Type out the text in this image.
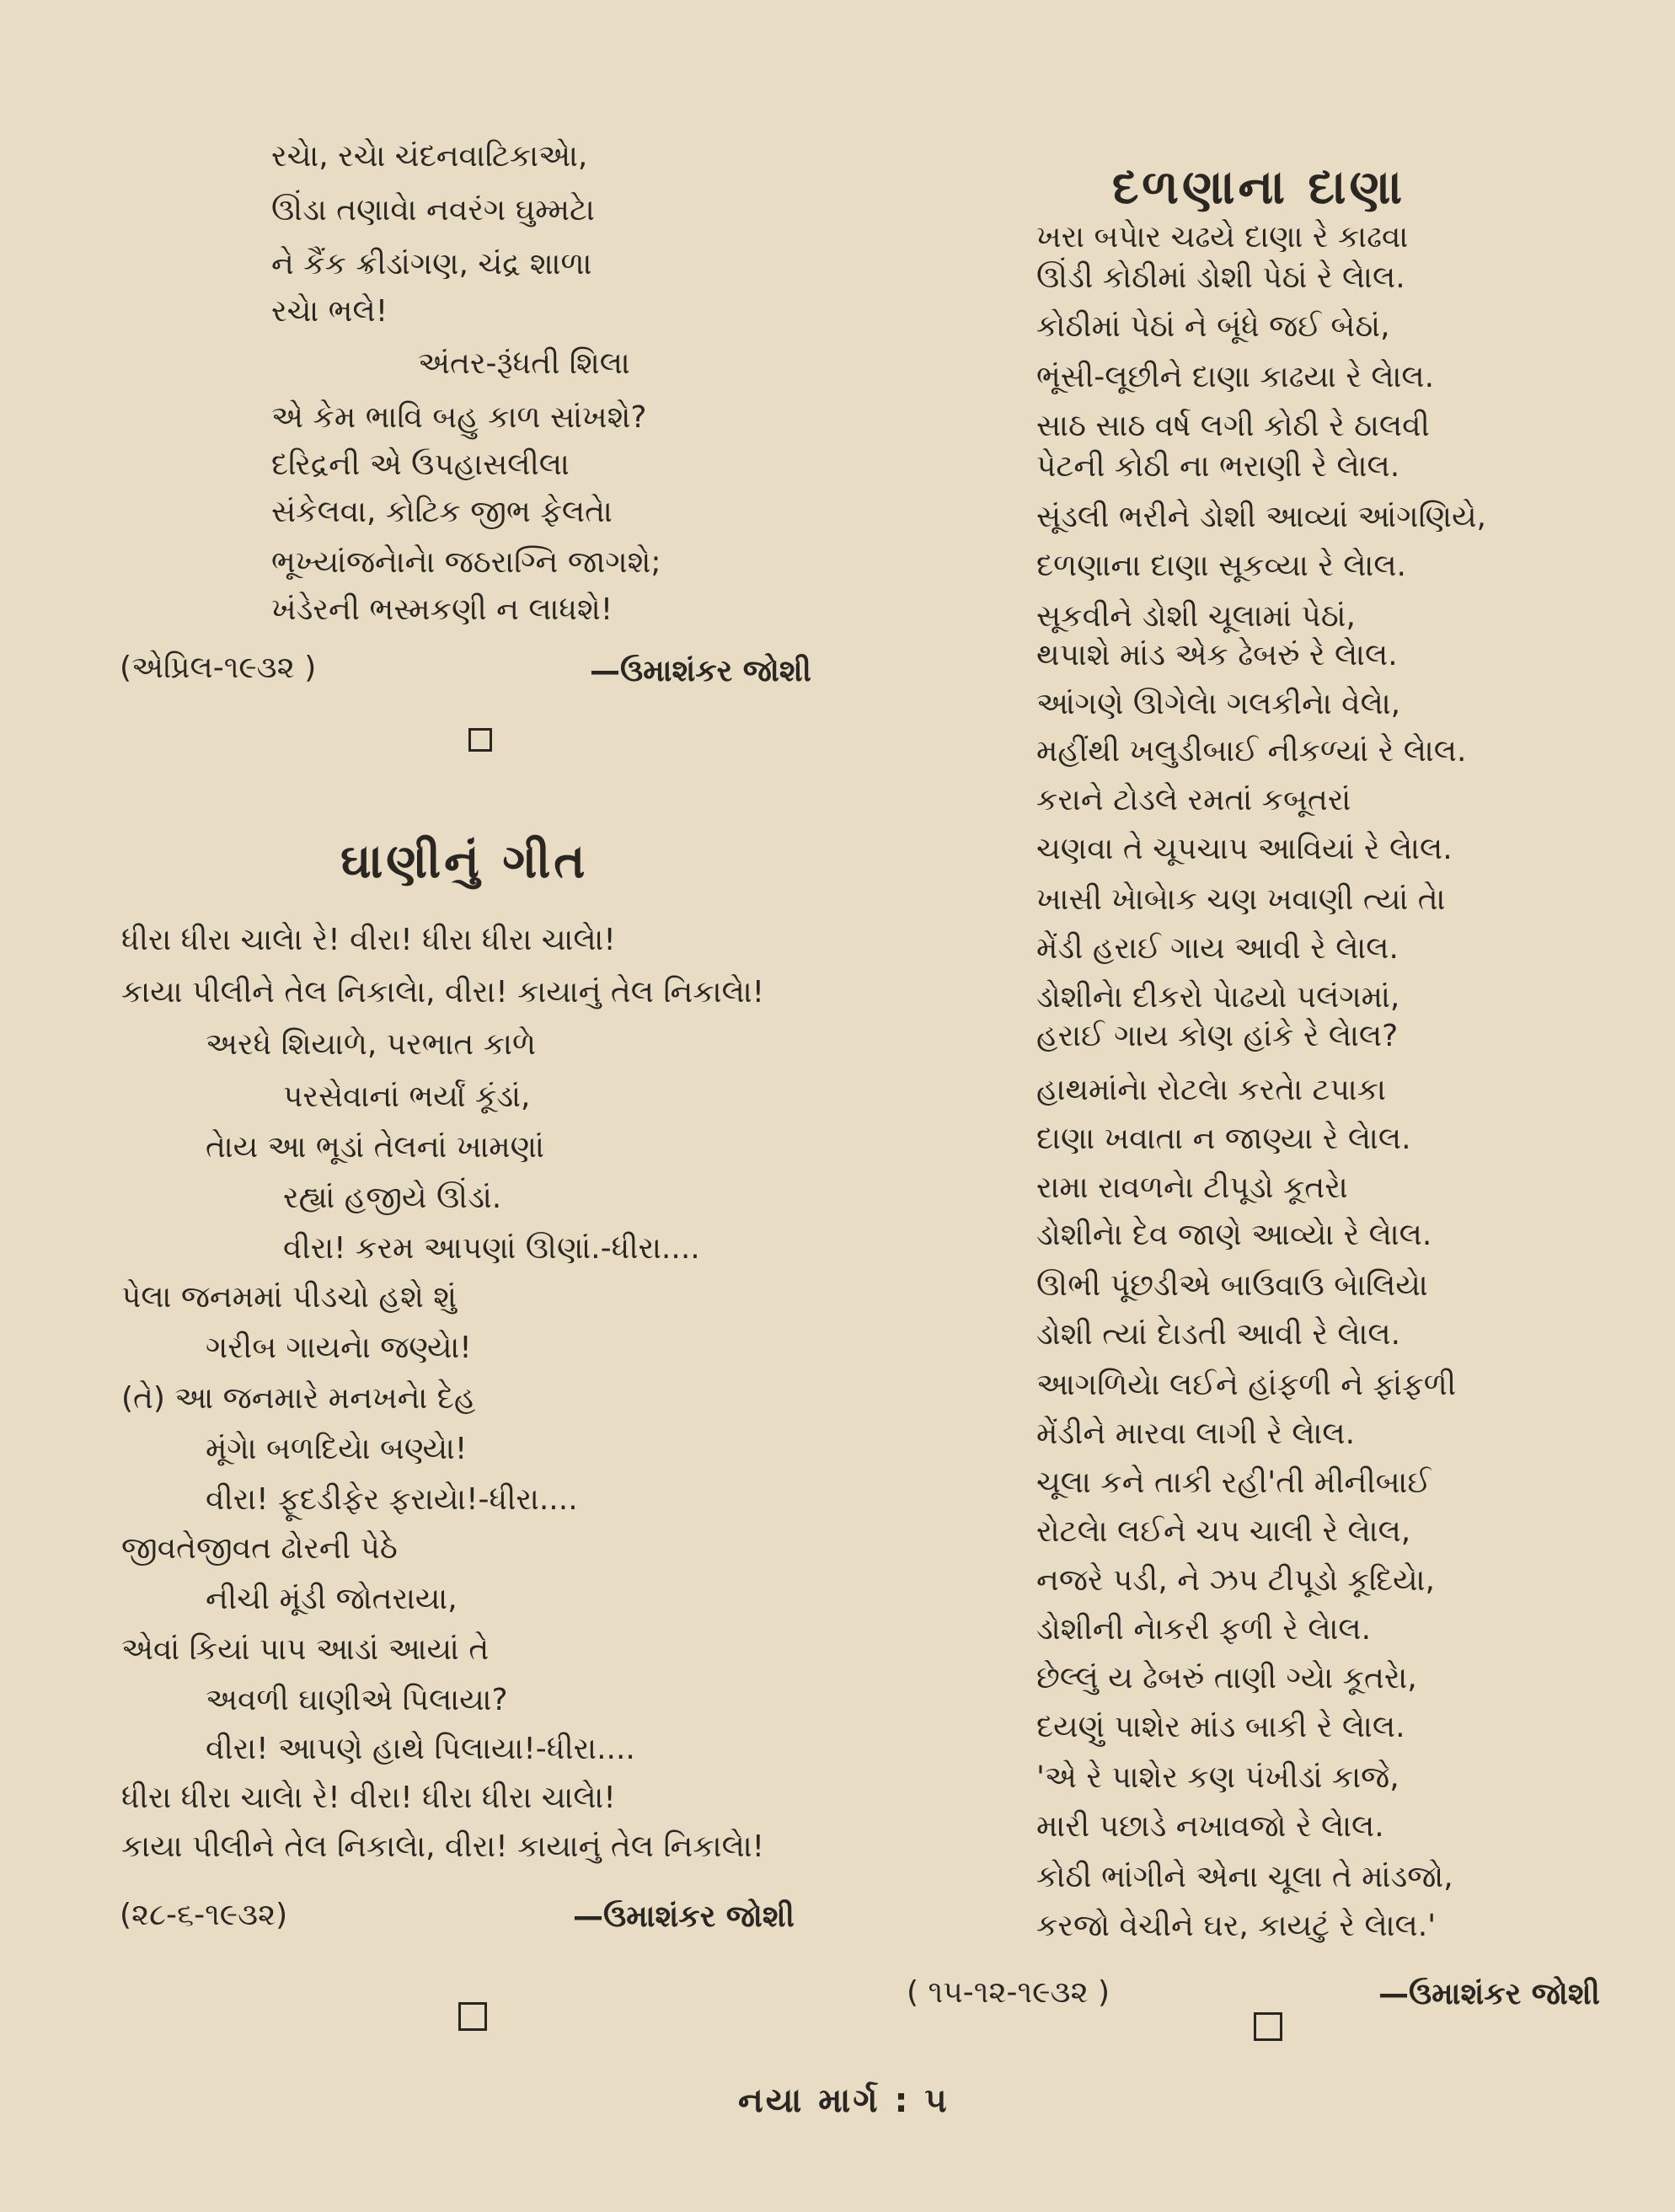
રચેા, રચેા ચંદનવાટિકાએા,
ઊંડા તણાવેા નવરંગ ઘુમ્મટેા
ને કૈંક ક્રીડાંગણ, ચંદ્ર શાળા
રચેા ભલે!
અંતર-રૂંધતી શિલા
એ કેમ ભાવિ બહુ કાળ સાંખશે?
દરિદ્રની એ ઉપહાસલીલા
સંકેલવા, કોટિક જીભ ફેલતેા
ભૂખ્યાંજનેાનેા જઠરાગ્નિ જાગશે;
ખંડેરની ભસ્મકણી ન લાધશે!
(એપ્રિલ-૧૯૩૨ )	—ઉમાશંકર જોશી
ઘાણીનું ગીત
ધીરા ધીરા ચાલેા રે! વીરા! ધીરા ધીરા ચાલેા!
કાયા પીલીને તેલ નિકાલેા, વીરા! કાયાનું તેલ નિકાલેા!
અરધે શિયાળે, પરભાત કાળે
પરસેવાનાં ભર્યાં કૂંડાં,
તેાય આ ભૂડાં તેલનાં ખામણાં
રહ્યાં હજીયે ઊંડાં.
વીરા! કરમ આપણાં ઊણાં.-ધીરા....
પેલા જનમમાં પીડચો હશે શું
ગરીબ ગાયનેા જણ્યેા!
(તે) આ જનમારે મનખનેા દેહ
મૂંગેા બળદિયેા બણ્યેા!
વીરા! ફૂદડીફેર ફરાયેા!-ધીરા....
જીવતેજીવત ઢોરની પેઠે
નીચી મૂંડી જોતરાયા,
એવાં કિયાં પાપ આડાં આયાં તે
અવળી ઘાણીએ પિલાયા?
વીરા! આપણે હાથે પિલાયા!-ધીરા....
ધીરા ધીરા ચાલેા રે! વીરા! ધીરા ધીરા ચાલેા!
કાયા પીલીને તેલ નિકાલેા, વીરા! કાયાનું તેલ નિકાલેા!
(૨૮-૬-૧૯૩૨)	—ઉમાશંકર જોશી
દળણાના દાણા
ખરા બપેાર ચઢયે દાણા રે કાઢવા
ઊંડી કોઠીમાં ડોશી પેઠાં રે લેાલ.
કોઠીમાં પેઠાં ને બૂંધે જઈ બેઠાં,
ભૂંસી-લૂછીને દાણા કાઢયા રે લેાલ.
સાઠ સાઠ વર્ષ લગી કોઠી રે ઠાલવી
પેટની કોઠી ના ભરાણી રે લેાલ.
સૂંડલી ભરીને ડોશી આવ્યાં આંગણિયે,
દળણાના દાણા સૂકવ્યા રે લેાલ.
સૂકવીને ડોશી ચૂલામાં પેઠાં,
થપાશે માંડ એક ઢેબરું રે લેાલ.
આંગણે ઊગેલેા ગલકીનેા વેલેા,
મહીંથી ખલુડીબાઈ નીકળ્યાં રે લેાલ.
કરાને ટોડલે રમતાં કબૂતરાં
ચણવા તે ચૂપચાપ આવિયાં રે લેાલ.
ખાસી ખેાબેાક ચણ ખવાણી ત્યાં તેા
મેંડી હરાઈ ગાય આવી રે લેાલ.
ડોશીનેા દીકરો પેાઢયો પલંગમાં,
હરાઈ ગાય કોણ હાંકે રે લેાલ?
હાથમાંનેા રોટલેા કરતેા ટપાકા
દાણા ખવાતા ન જાણ્યા રે લેાલ.
રામા રાવળનેા ટીપૂડો કૂતરેા
ડોશીનેા દેવ જાણે આવ્યેા રે લેાલ.
ઊભી પૂંછડીએ બાઉવાઉ બેાલિયેા
ડોશી ત્યાં દેાડતી આવી રે લેાલ.
આગળિયેા લઈને હાંફળી ને ફાંફળી
મેંડીને મારવા લાગી રે લેાલ.
ચૂલા કને તાકી રહી'તી મીનીબાઈ
રોટલેા લઈને ચપ ચાલી રે લેાલ,
નજરે પડી, ને ઝપ ટીપૂડો કૂદિયેા,
ડોશીની નેાકરી ફળી રે લેાલ.
છેલ્લું ય ઢેબરું તાણી ગ્યેા કૂતરેા,
દયણું પાશેર માંડ બાકી રે લેાલ.
'એ રે પાશેર કણ પંખીડાં કાજે,
મારી પછાડે નખાવજો રે લેાલ.
કોઠી ભાંગીને એના ચૂલા તે માંડજો,
કરજો વેચીને ઘર, કાયટું રે લેાલ.'
( ૧૫-૧૨-૧૯૩૨ )	—ઉમાશંકર જોશી
નયા માર્ગ : ૫
